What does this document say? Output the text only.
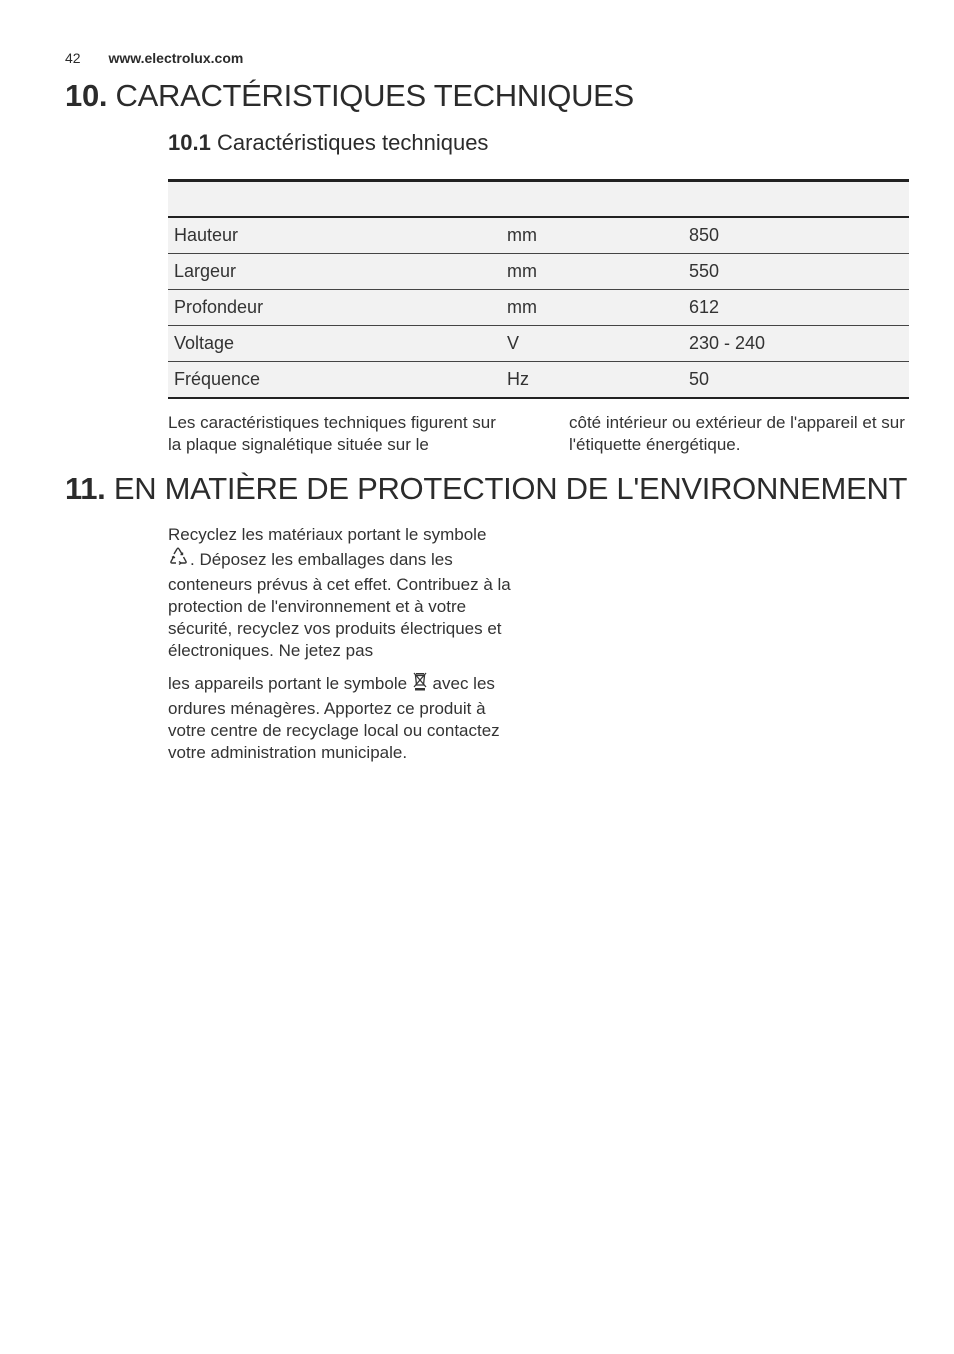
42 www.electrolux.com
10. CARACTÉRISTIQUES TECHNIQUES
10.1 Caractéristiques techniques

Hauteur	mm	850
Largeur	mm	550
Profondeur	mm	612
Voltage	V	230 - 240
Fréquence	Hz	50
Les caractéristiques techniques figurent sur la plaque signalétique située sur le
côté intérieur ou extérieur de l'appareil et sur l'étiquette énergétique.
11. EN MATIÈRE DE PROTECTION DE L'ENVIRONNEMENT

Recyclez les matériaux portant le symbole
. Déposez les emballages dans les conteneurs prévus à cet effet. Contribuez à la protection de l'environnement et à votre sécurité, recyclez vos produits électriques et électroniques. Ne jetez pas

les appareils portant le symbole avec les ordures ménagères. Apportez ce produit à votre centre de recyclage local ou contactez votre administration municipale.
